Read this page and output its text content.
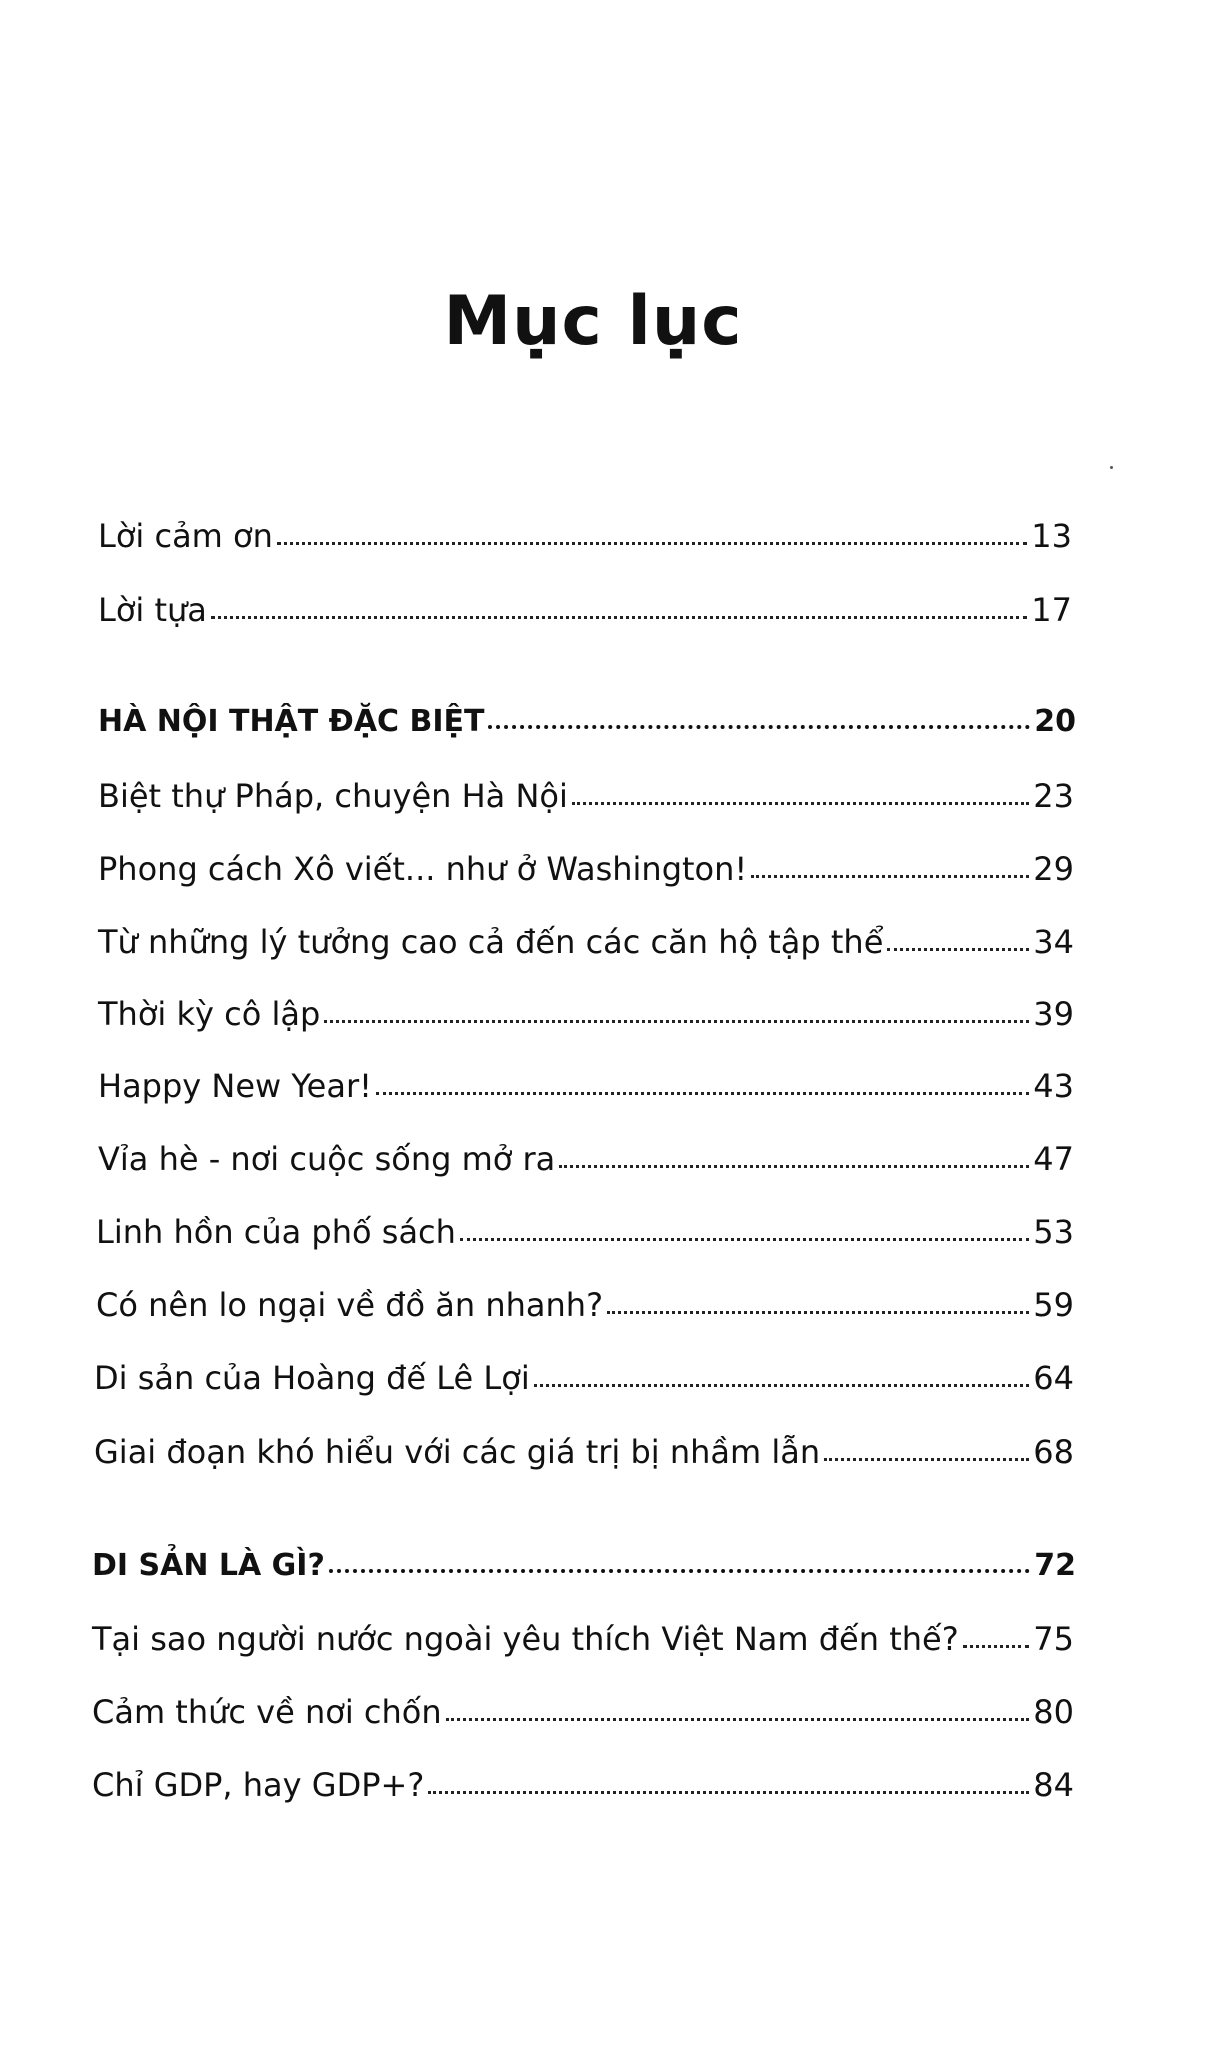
Mục lục
Lời cảm ơn	13
Lời tựa	17
HÀ NỘI THẬT ĐẶC BIỆT	20
Biệt thự Pháp, chuyện Hà Nội	23
Phong cách Xô viết... như ở Washington!	29
Từ những lý tưởng cao cả đến các căn hộ tập thể	34
Thời kỳ cô lập	39
Happy New Year!	43
Vỉa hè - nơi cuộc sống mở ra	47
Linh hồn của phố sách	53
Có nên lo ngại về đồ ăn nhanh?	59
Di sản của Hoàng đế Lê Lợi	64
Giai đoạn khó hiểu với các giá trị bị nhầm lẫn	68
DI SẢN LÀ GÌ?	72
Tại sao người nước ngoài yêu thích Việt Nam đến thế? 75
Cảm thức về nơi chốn	80
Chỉ GDP, hay GDP+?	84
